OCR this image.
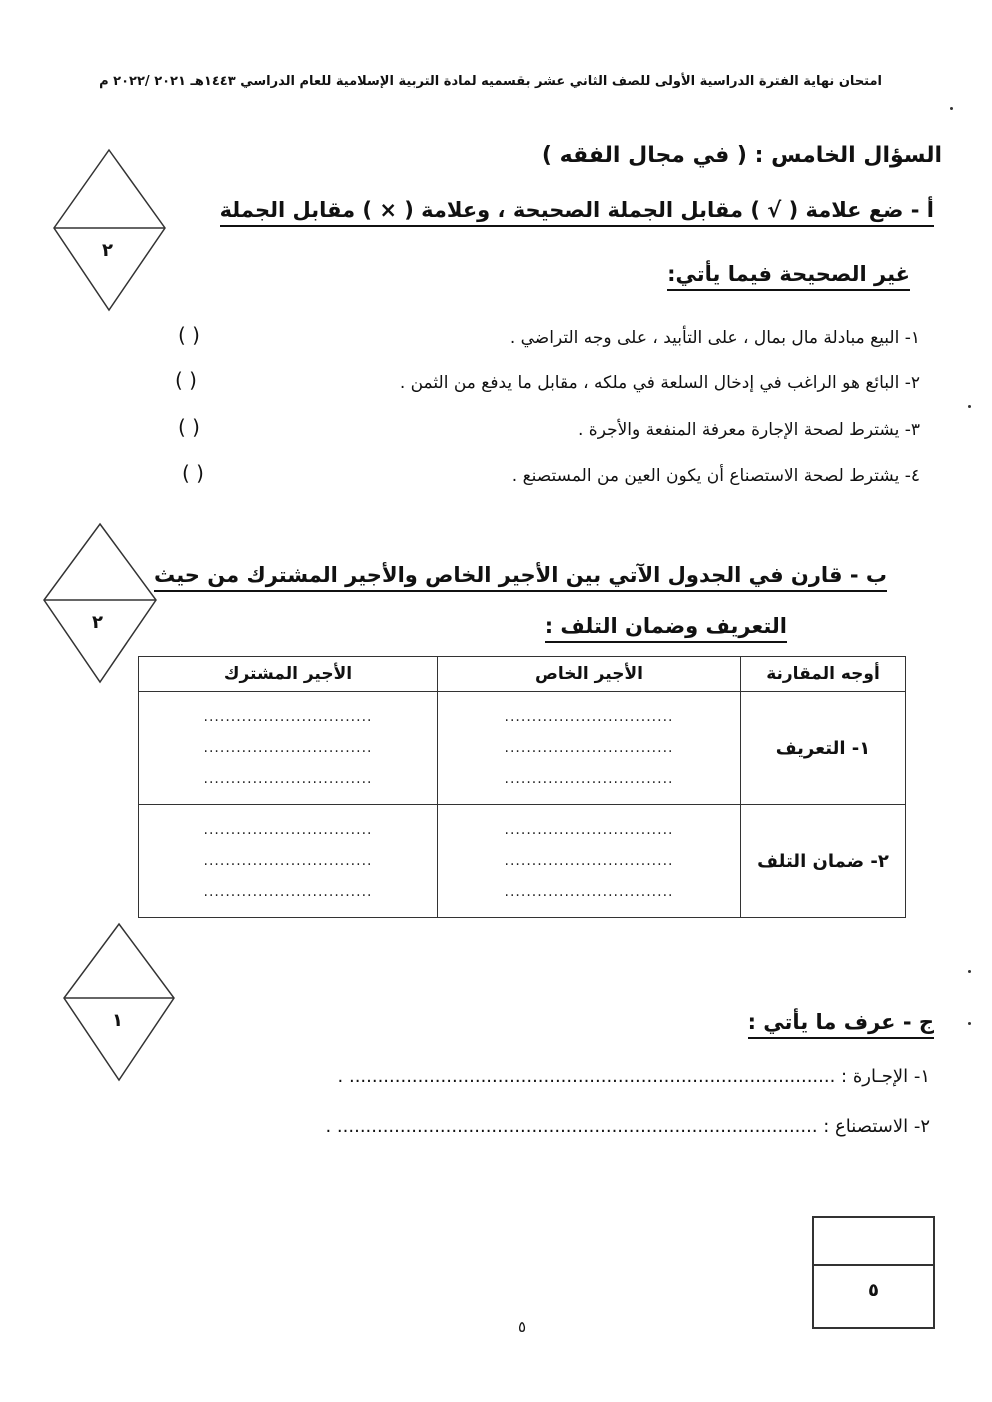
امتحان نهاية الفترة الدراسية الأولى للصف الثاني عشر بقسميه لمادة التربية الإسلامية للعام الدراسي ١٤٤٣هـ ٢٠٢١ /٢٠٢٢ م
السؤال الخامس : ( في مجال الفقه )
أ - ضع علامة ( √ ) مقابل الجملة الصحيحة ، وعلامة ( × ) مقابل الجملة
غير الصحيحة فيما يأتي:
٢
١- البيع مبادلة مال بمال ، على التأبيد ، على وجه التراضي .
( )
٢- البائع هو الراغب في إدخال السلعة في ملكه ، مقابل ما يدفع من الثمن .
( )
٣- يشترط لصحة الإجارة معرفة المنفعة والأجرة .
( )
٤- يشترط لصحة الاستصناع أن يكون العين من المستصنع .
( )
٢
ب - قارن في الجدول الآتي بين الأجير الخاص والأجير المشترك من حيث
التعريف وضمان التلف :
أوجه المقارنة	الأجير الخاص	الأجير المشترك
١- التعريف	...............................
...............................
...............................	...............................
...............................
...............................

٢- ضمان التلف	...............................
...............................
...............................	...............................
...............................
...............................
١	ج - عرف ما يأتي :
١- الإجـارة : ..................................................................................... .
٢- الاستصناع : .................................................................................... .
٥
٥
